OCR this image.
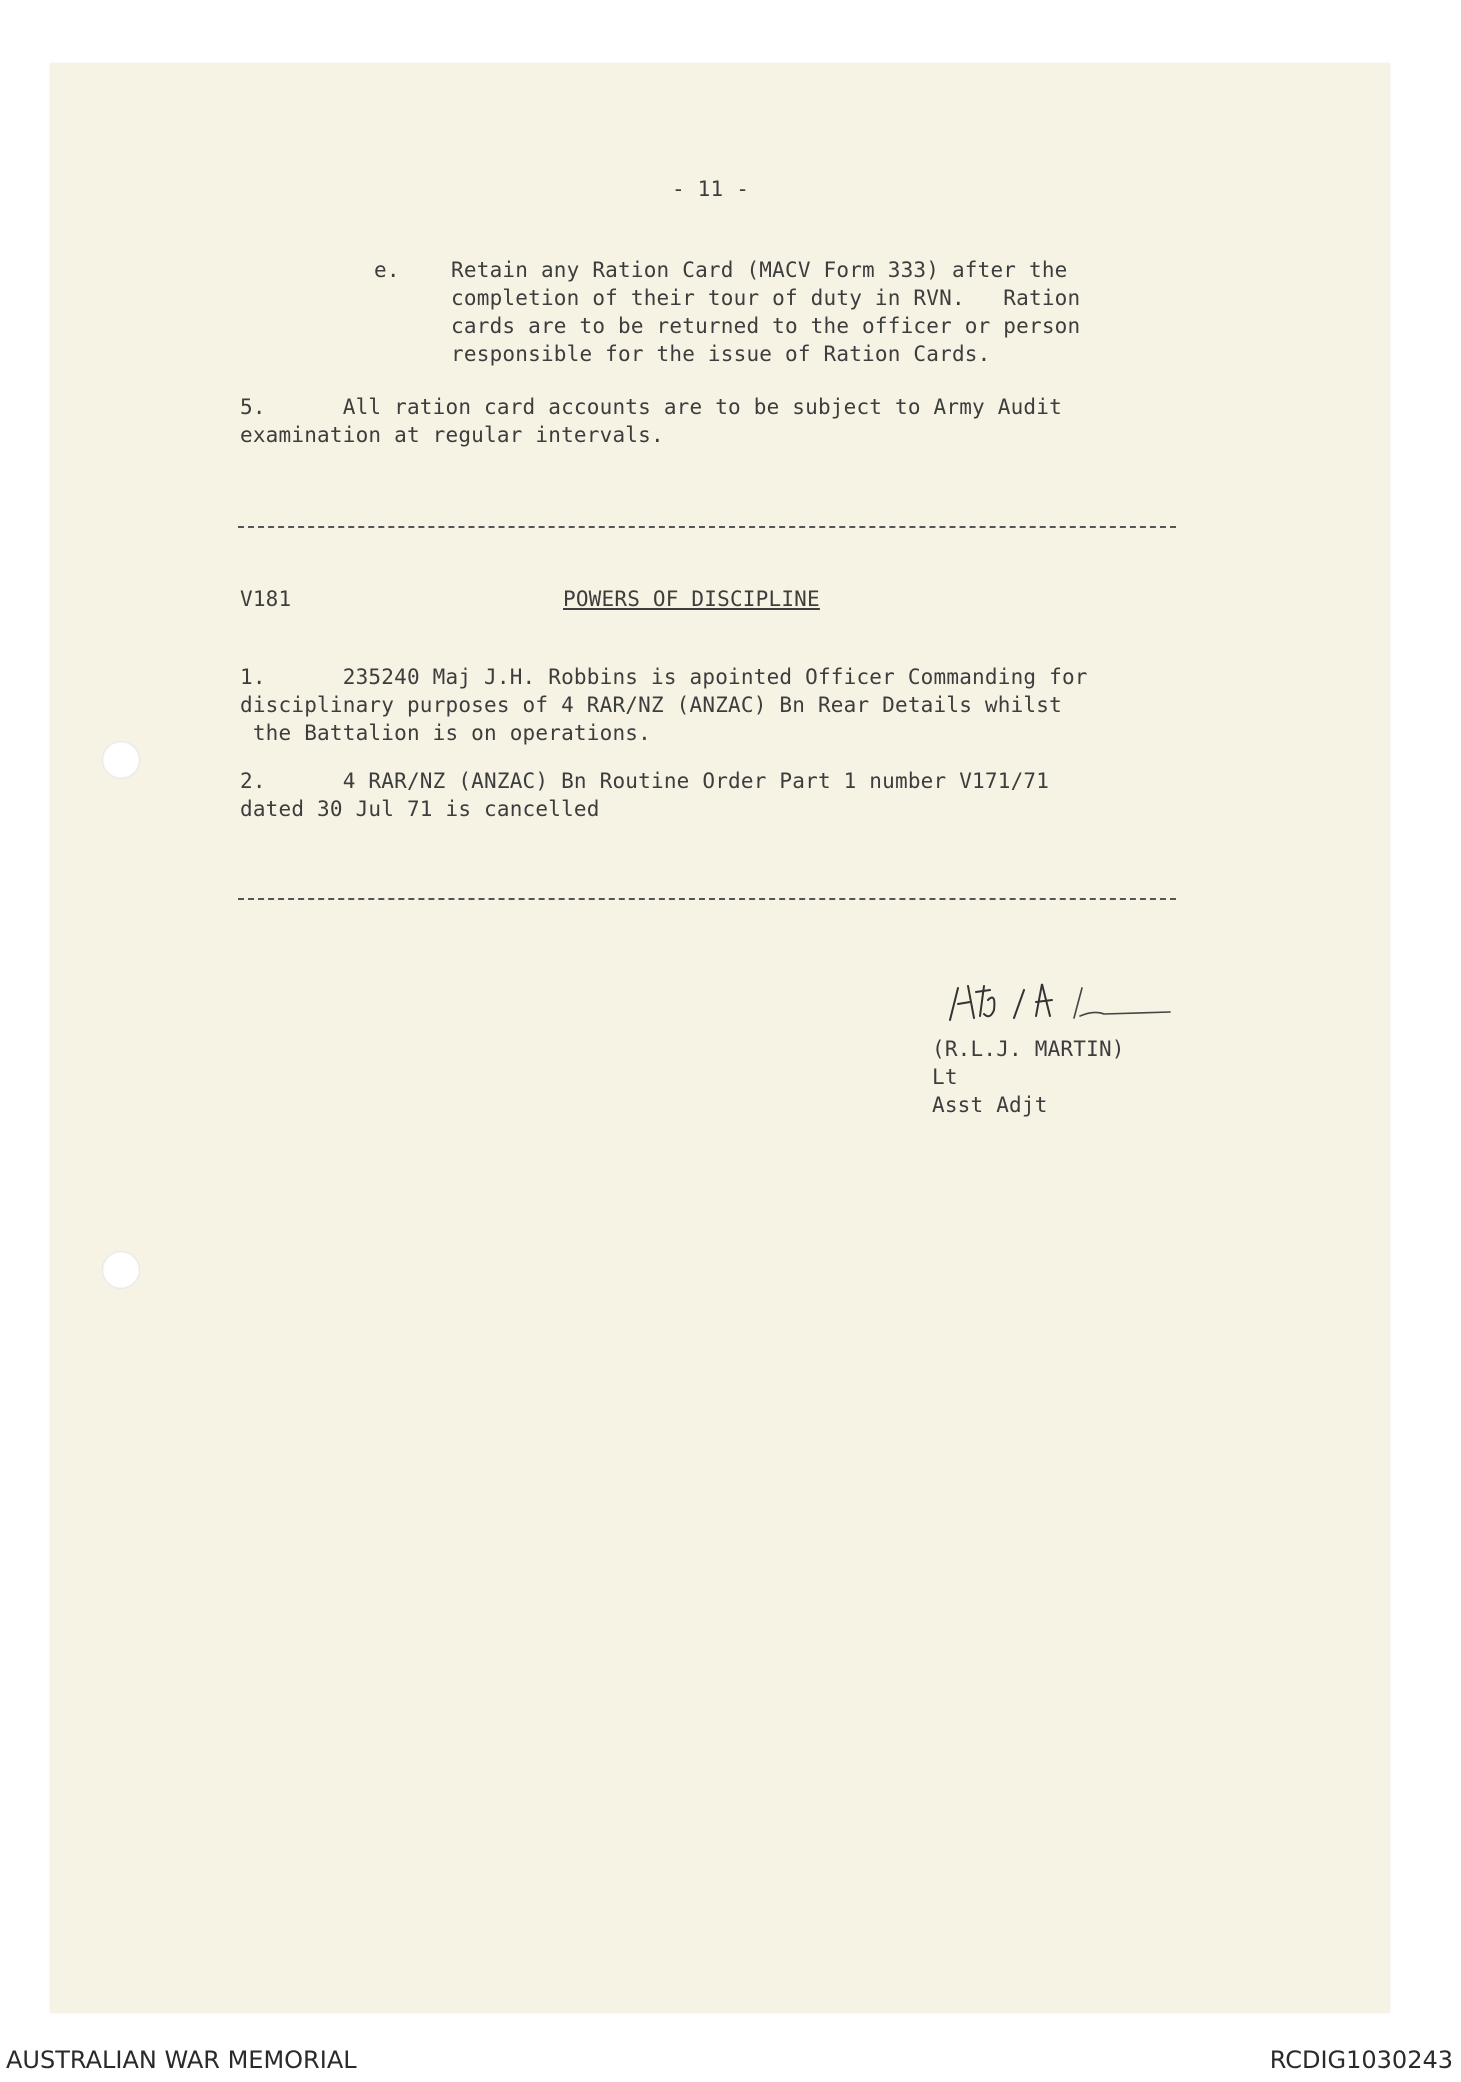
- 11 -
e.    Retain any Ration Card (MACV Form 333) after the
completion of their tour of duty in RVN.   Ration
cards are to be returned to the officer or person
responsible for the issue of Ration Cards.
5.      All ration card accounts are to be subject to Army Audit
examination at regular intervals.
V181	POWERS OF DISCIPLINE
1.      235240 Maj J.H. Robbins is apointed Officer Commanding for
disciplinary purposes of 4 RAR/NZ (ANZAC) Bn Rear Details whilst
the Battalion is on operations.
2.      4 RAR/NZ (ANZAC) Bn Routine Order Part 1 number V171/71
dated 30 Jul 71 is cancelled
(R.L.J. MARTIN)
Lt
Asst Adjt
AUSTRALIAN WAR MEMORIAL	RCDIG1030243
